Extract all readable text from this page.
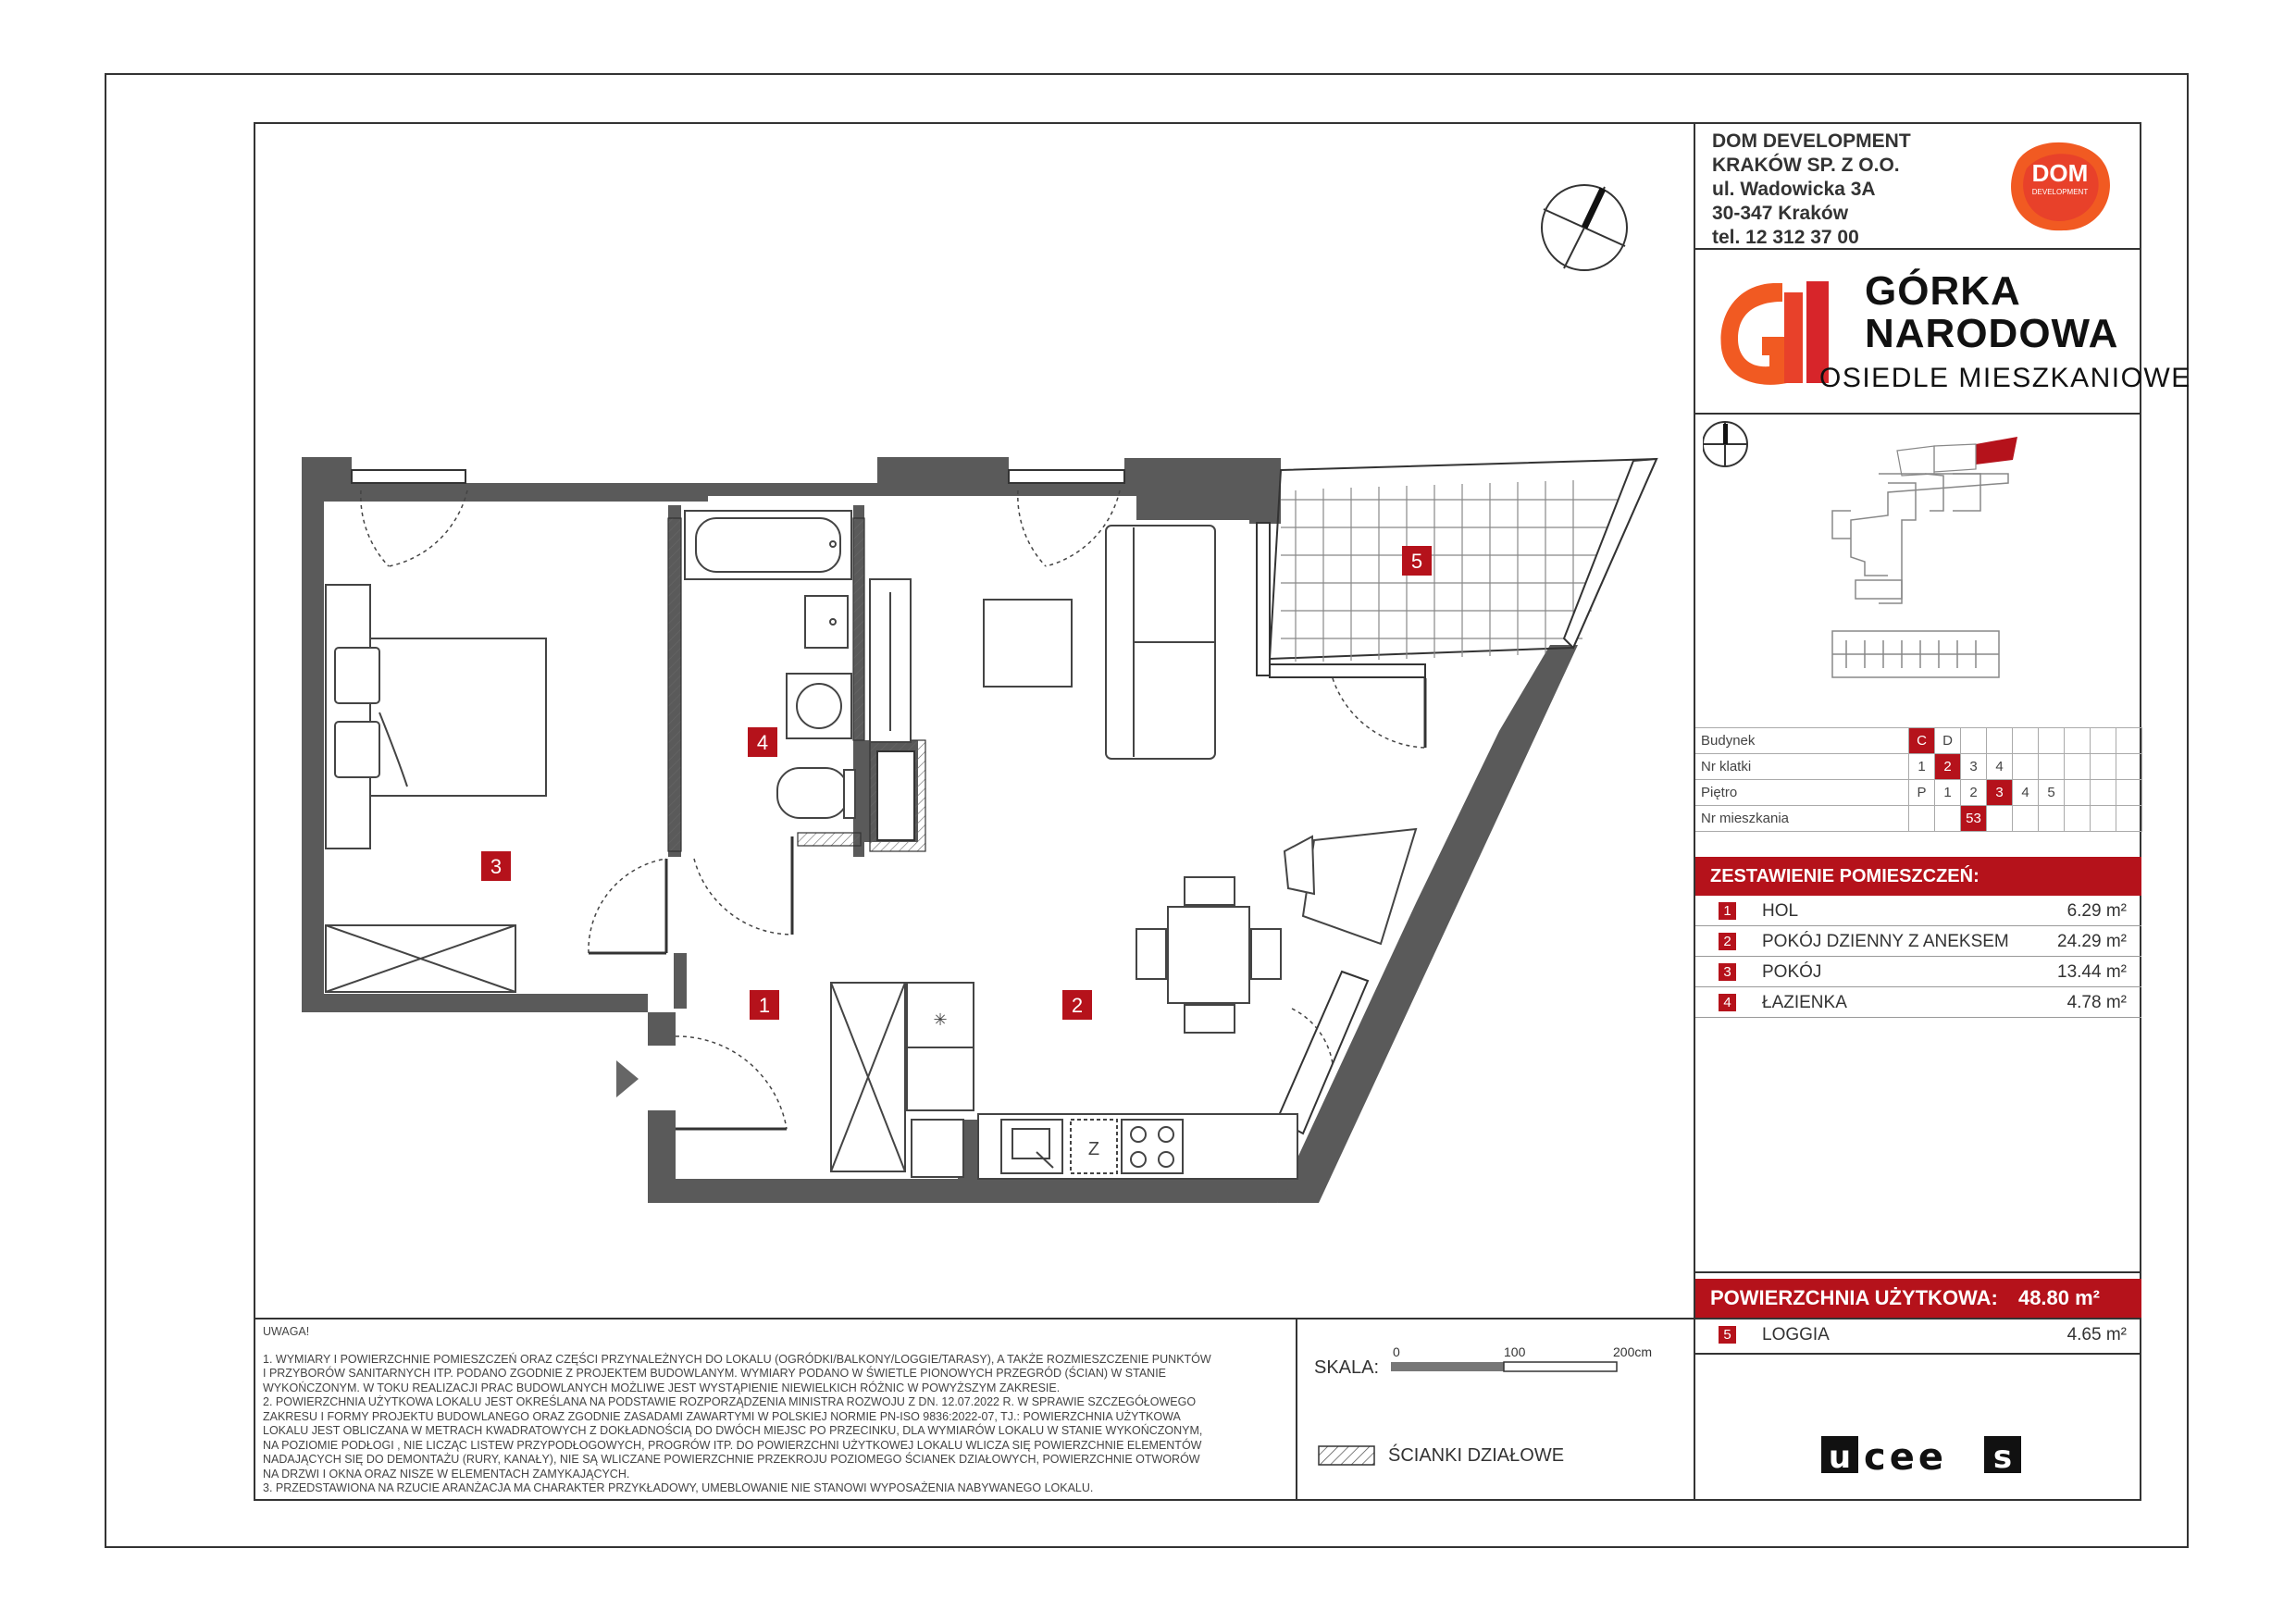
DOM DEVELOPMENT
KRAKÓW SP. Z O.O.
ul. Wadowicka 3A
30-347 Kraków
tel. 12 312 37 00
DOM
DEVELOPMENT
GÓRKA
NARODOWA
OSIEDLE MIESZKANIOWE
Budynek	C	D							
Nr klatki	1	2	3	4					
Piętro	P	1	2	3	4	5			
Nr mieszkania			53						
ZESTAWIENIE POMIESZCZEŃ:
1 HOL	6.29 m²
2 POKÓJ DZIENNY Z ANEKSEM	24.29 m²
3 POKÓJ	13.44 m²
4 ŁAZIENKA	4.78 m²
POWIERZCHNIA UŻYTKOWA: 48.80 m²
5 LOGGIA	4.65 m²
UWAGA!
1. WYMIARY I POWIERZCHNIE POMIESZCZEŃ ORAZ CZĘŚCI PRZYNALEŻNYCH DO LOKALU (OGRÓDKI/BALKONY/LOGGIE/TARASY), A TAKŻE ROZMIESZCZENIE PUNKTÓW
I PRZYBORÓW SANITARNYCH ITP. PODANO ZGODNIE Z PROJEKTEM BUDOWLANYM. WYMIARY PODANO W ŚWIETLE PIONOWYCH PRZEGRÓD (ŚCIAN) W STANIE
WYKOŃCZONYM. W TOKU REALIZACJI PRAC BUDOWLANYCH MOŻLIWE JEST WYSTĄPIENIE NIEWIELKICH RÓŻNIC W POWYŻSZYM ZAKRESIE.
2. POWIERZCHNIA UŻYTKOWA LOKALU JEST OKREŚLANA NA PODSTAWIE ROZPORZĄDZENIA MINISTRA ROZWOJU Z DN. 12.07.2022 R. W SPRAWIE SZCZEGÓŁOWEGO
ZAKRESU I FORMY PROJEKTU BUDOWLANEGO ORAZ ZGODNIE ZASADAMI ZAWARTYMI W POLSKIEJ NORMIE PN-ISO 9836:2022-07, TJ.: POWIERZCHNIA UŻYTKOWA
LOKALU JEST OBLICZANA W METRACH KWADRATOWYCH Z DOKŁADNOŚCIĄ DO DWÓCH MIEJSC PO PRZECINKU, DLA WYMIARÓW LOKALU W STANIE WYKOŃCZONYM,
NA POZIOMIE PODŁOGI , NIE LICZĄC LISTEW PRZYPODŁOGOWYCH, PROGRÓW ITP. DO POWIERZCHNI UŻYTKOWEJ LOKALU WLICZA SIĘ POWIERZCHNIE ELEMENTÓW
NADAJĄCYCH SIĘ DO DEMONTAŻU (RURY, KANAŁY), NIE SĄ WLICZANE POWIERZCHNIE PRZEKROJU POZIOMEGO ŚCIANEK DZIAŁOWYCH, POWIERZCHNIE OTWORÓW
NA DRZWI I OKNA ORAZ NISZE W ELEMENTACH ZAMYKAJĄCYCH.
3. PRZEDSTAWIONA NA RZUCIE ARANŻACJA MA CHARAKTER PRZYKŁADOWY, UMEBLOWANIE NIE STANOWI WYPOSAŻENIA NABYWANEGO LOKALU.
SKALA:
0	100	200cm
ŚCIANKI DZIAŁOWE	u cee s
Z
✳
4
5
3
1	2
